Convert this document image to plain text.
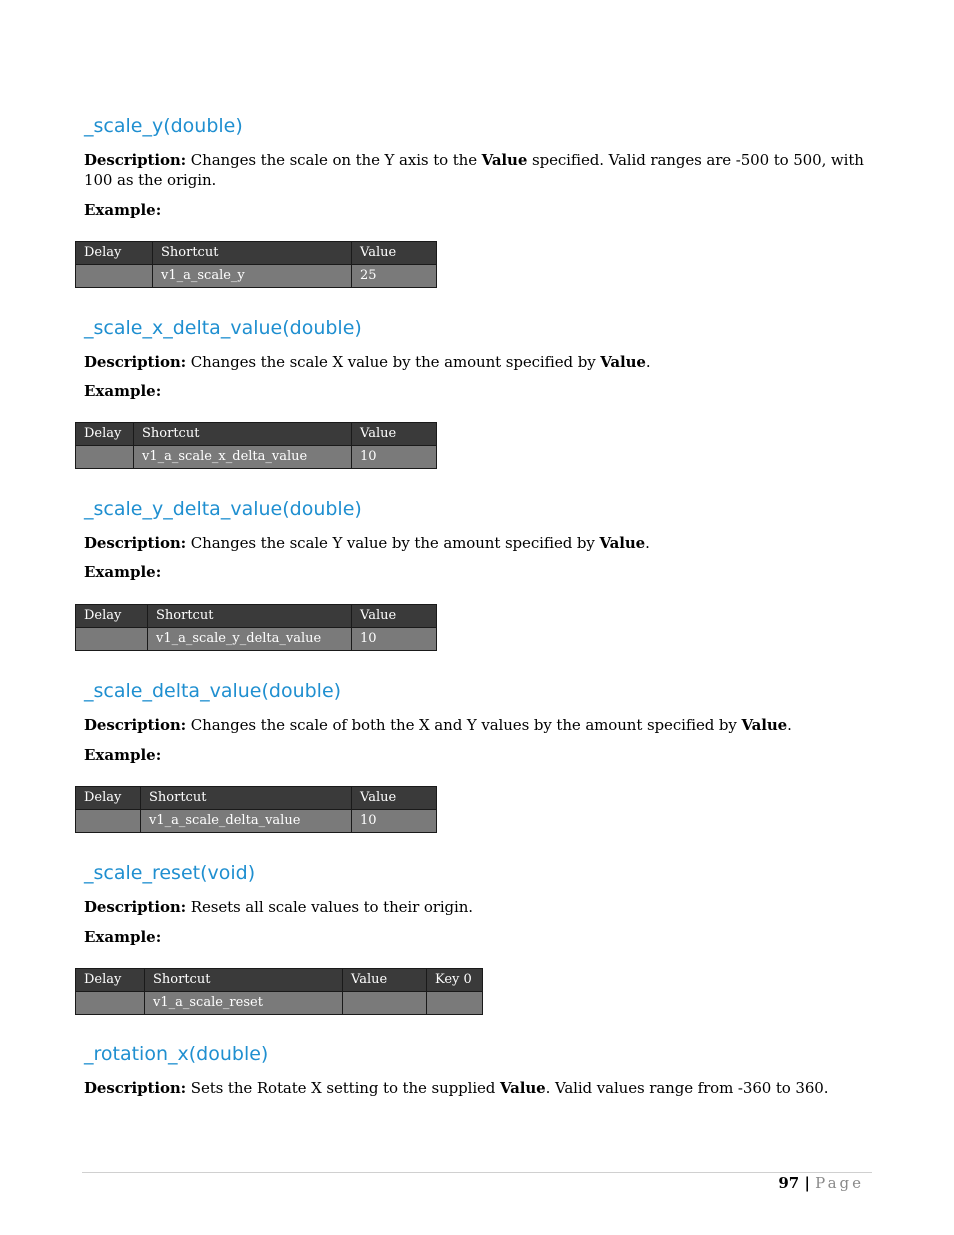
_scale_y(double)

Description: Changes the scale on the Y axis to the Value specified. Valid ranges are -500 to 500, with 100 as the origin.

Example:

Delay	Shortcut	Value
	v1_a_scale_y	25
_scale_x_delta_value(double)

Description: Changes the scale X value by the amount specified by Value.

Example:

Delay	Shortcut	Value
	v1_a_scale_x_delta_value	10
_scale_y_delta_value(double)

Description: Changes the scale Y value by the amount specified by Value.

Example:

Delay	Shortcut	Value
	v1_a_scale_y_delta_value	10
_scale_delta_value(double)

Description: Changes the scale of both the X and Y values by the amount specified by Value.

Example:

Delay	Shortcut	Value
	v1_a_scale_delta_value	10
_scale_reset(void)

Description: Resets all scale values to their origin.

Example:

Delay	Shortcut	Value	Key 0
	v1_a_scale_reset		
_rotation_x(double)

Description: Sets the Rotate X setting to the supplied Value. Valid values range from -360 to 360.

97 | Page
